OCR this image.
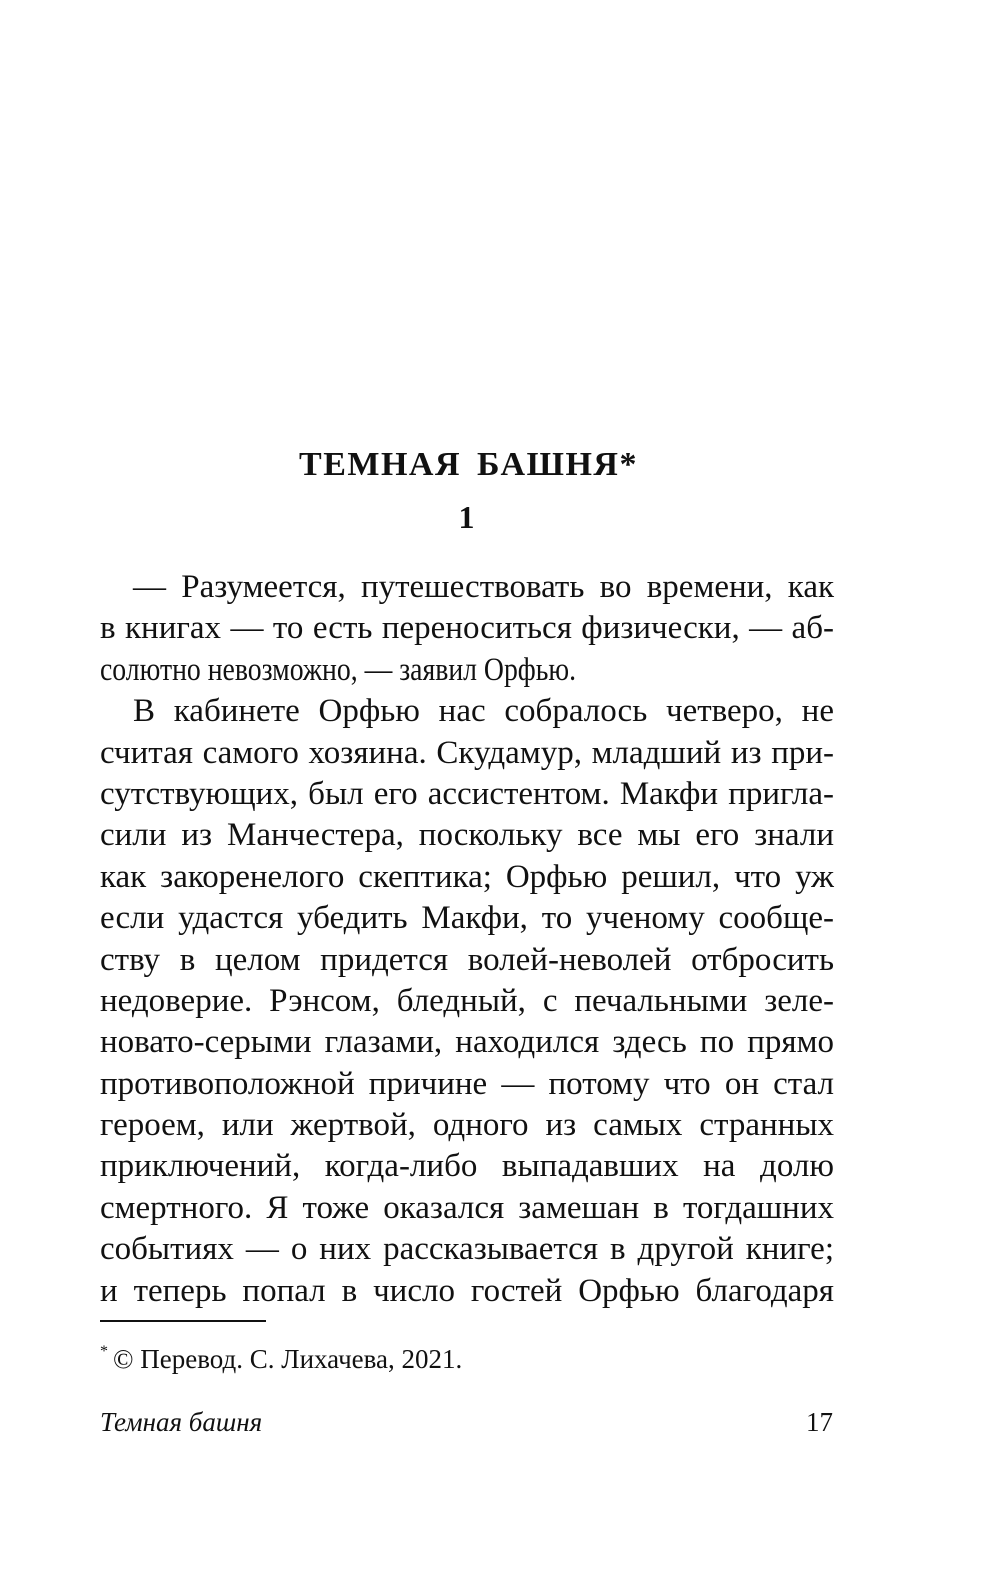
ТЕМНАЯ БАШНЯ*
1
— Разумеется, путешествовать во времени, как
в книгах — то есть переноситься физически, — аб-
солютно невозможно, — заявил Орфью.
В кабинете Орфью нас собралось четверо, не
считая самого хозяина. Скудамур, младший из при-
сутствующих, был его ассистентом. Макфи пригла-
сили из Манчестера, поскольку все мы его знали
как закоренелого скептика; Орфью решил, что уж
если удастся убедить Макфи, то ученому сообще-
ству в целом придется волей-неволей отбросить
недоверие. Рэнсом, бледный, с печальными зеле-
новато-серыми глазами, находился здесь по прямо
противоположной причине — потому что он стал
героем, или жертвой, одного из самых странных
приключений, когда-либо выпадавших на долю
смертного. Я тоже оказался замешан в тогдашних
событиях — о них рассказывается в другой книге;
и теперь попал в число гостей Орфью благодаря

* © Перевод. С. Лихачева, 2021.

Темная башня	17
